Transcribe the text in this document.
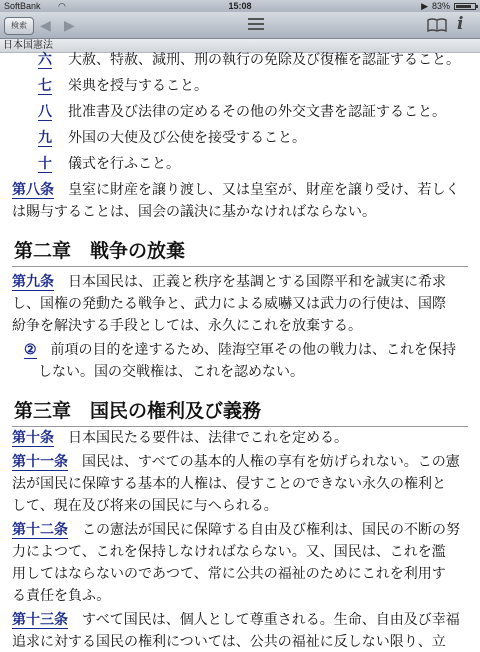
SoftBank ◠	15:08	▶ 83%
検索 ◀ ▶	i
日本国憲法
六 大赦、特赦、減刑、刑の執行の免除及び復権を認証すること。
七 栄典を授与すること。
八 批准書及び法律の定めるその他の外交文書を認証すること。
九 外国の大使及び公使を接受すること。
十 儀式を行ふこと。
第八条　皇室に財産を譲り渡し、又は皇室が、財産を譲り受け、若しく
は賜与することは、国会の議決に基かなければならない。
第二章　戦争の放棄
第九条　日本国民は、正義と秩序を基調とする国際平和を誠実に希求
し、国権の発動たる戦争と、武力による威嚇又は武力の行使は、国際
紛争を解決する手段としては、永久にこれを放棄する。
②　前項の目的を達するため、陸海空軍その他の戦力は、これを保持
しない。国の交戦権は、これを認めない。
第三章　国民の権利及び義務
第十条　日本国民たる要件は、法律でこれを定める。
第十一条　国民は、すべての基本的人権の享有を妨げられない。この憲
法が国民に保障する基本的人権は、侵すことのできない永久の権利と
して、現在及び将来の国民に与へられる。
第十二条　この憲法が国民に保障する自由及び権利は、国民の不断の努
力によつて、これを保持しなければならない。又、国民は、これを濫
用してはならないのであつて、常に公共の福祉のためにこれを利用す
る責任を負ふ。
第十三条　すべて国民は、個人として尊重される。生命、自由及び幸福
追求に対する国民の権利については、公共の福祉に反しない限り、立
